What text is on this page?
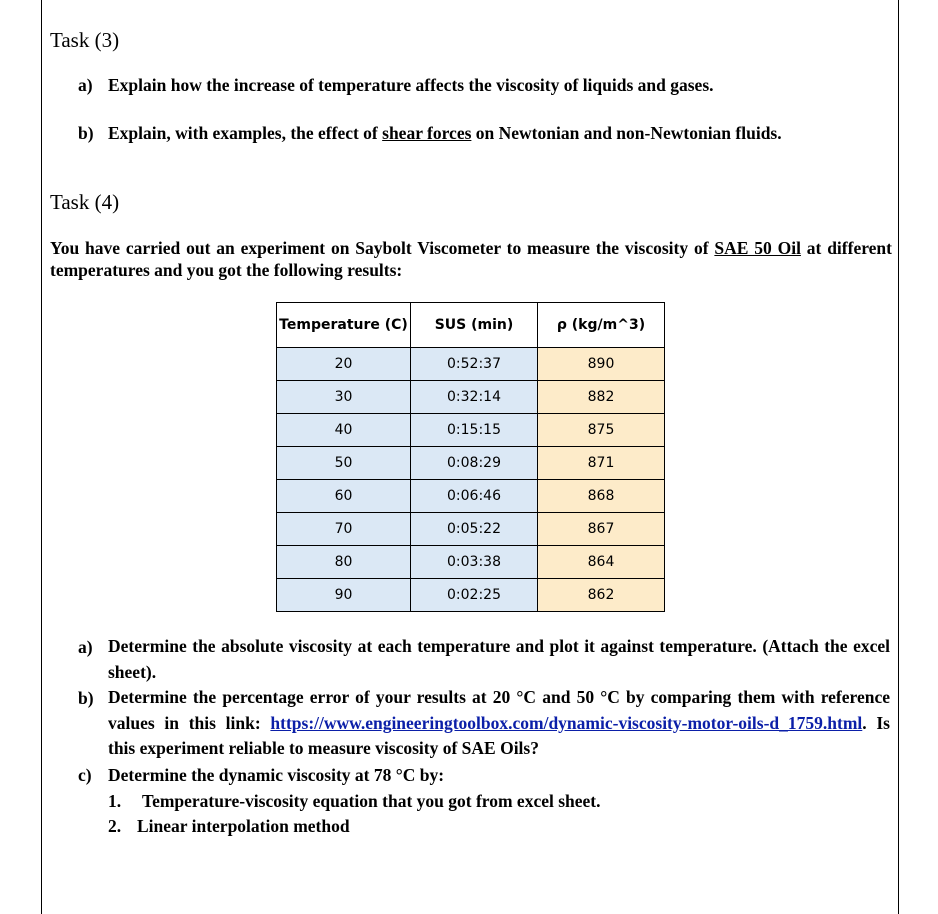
Task (3)
a) Explain how the increase of temperature affects the viscosity of liquids and gases.
b) Explain, with examples, the effect of shear forces on Newtonian and non-Newtonian fluids.
Task (4)
You have carried out an experiment on Saybolt Viscometer to measure the viscosity of SAE 50 Oil at different temperatures and you got the following results:
Temperature (C)	SUS (min)	ρ (kg/m^3)
20	0:52:37	890
30	0:32:14	882
40	0:15:15	875
50	0:08:29	871
60	0:06:46	868
70	0:05:22	867
80	0:03:38	864
90	0:02:25	862
a) Determine the absolute viscosity at each temperature and plot it against temperature. (Attach the excel sheet).
b) Determine the percentage error of your results at 20 °C and 50 °C by comparing them with reference values in this link: https://www.engineeringtoolbox.com/dynamic-viscosity-motor-oils-d_1759.html. Is this experiment reliable to measure viscosity of SAE Oils?
c) Determine the dynamic viscosity at 78 °C by:
1. Temperature-viscosity equation that you got from excel sheet.
2. Linear interpolation method
